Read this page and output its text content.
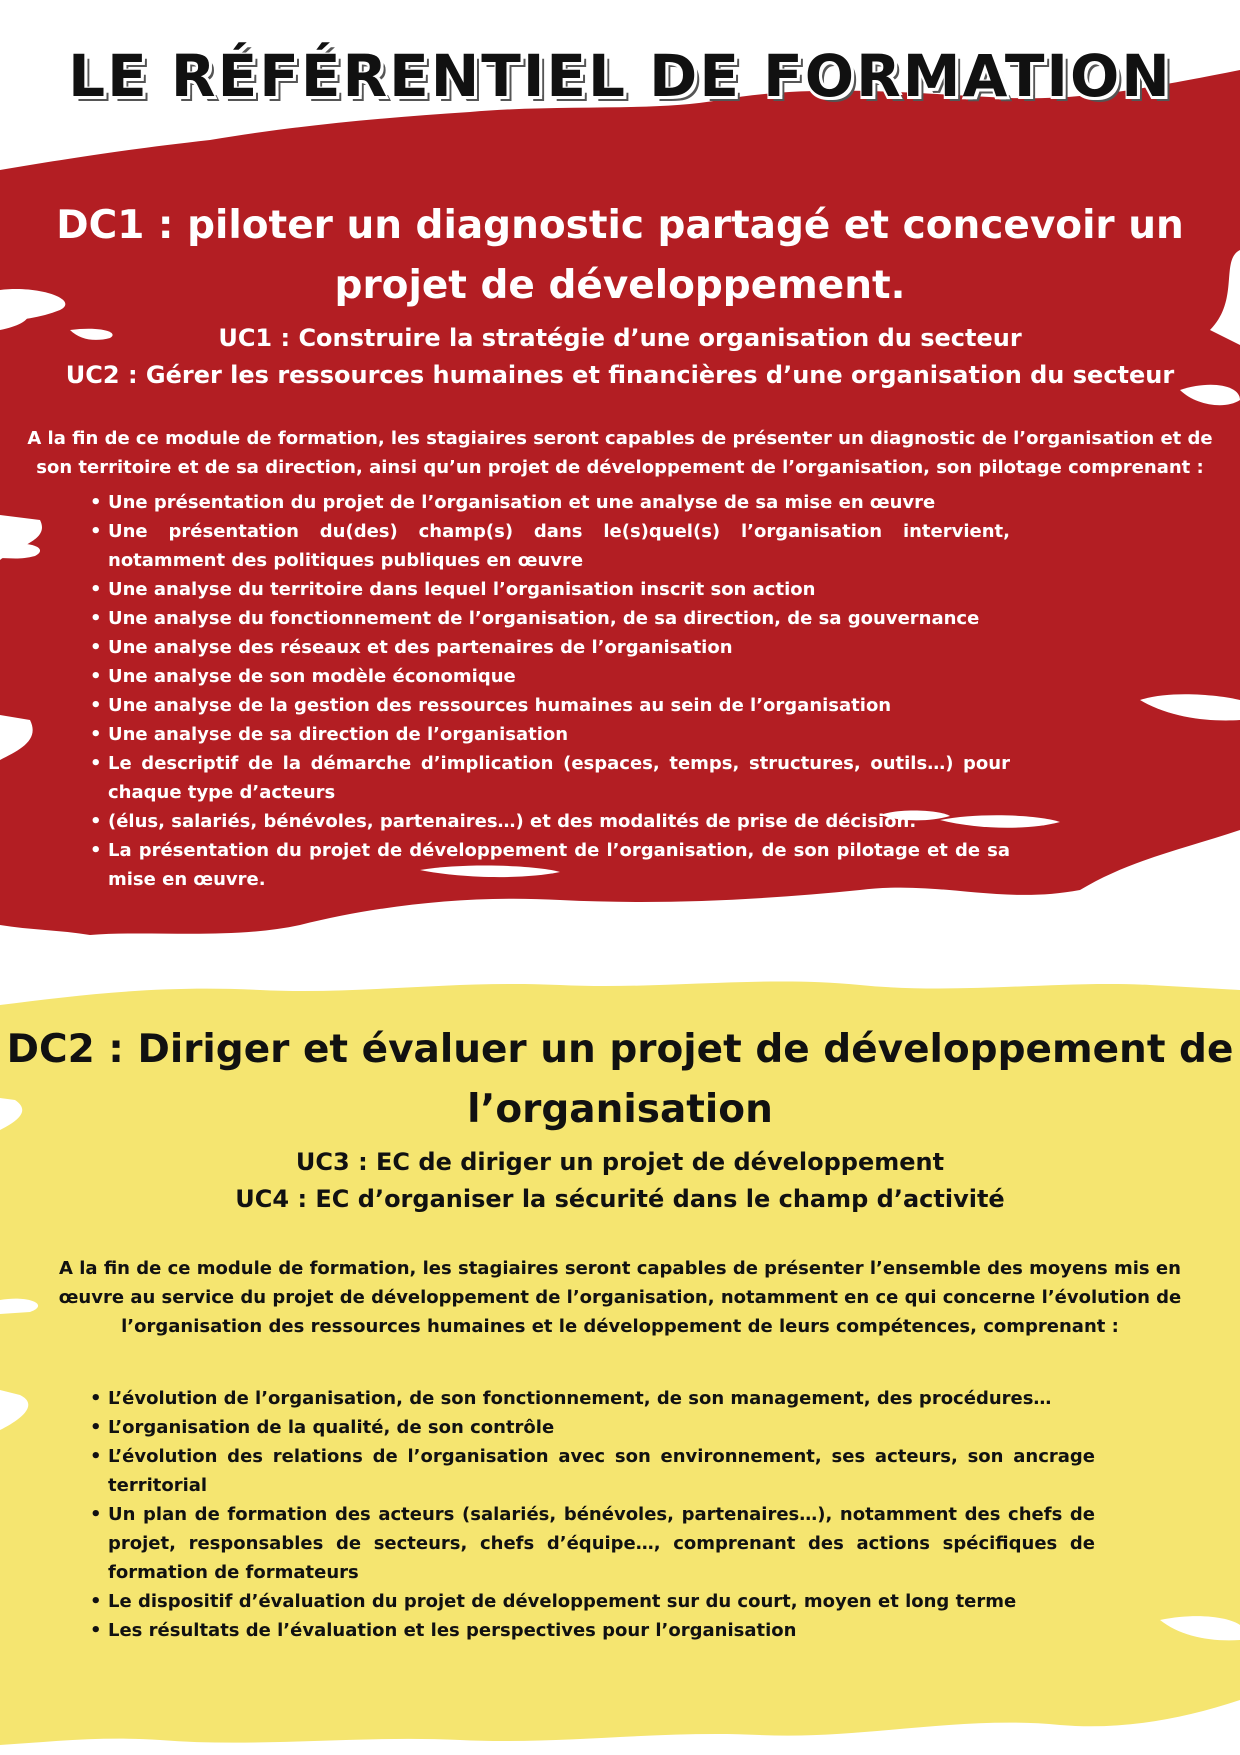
LE RÉFÉRENTIEL DE FORMATION
DC1 : piloter un diagnostic partagé et concevoir un projet de développement.

UC1 : Construire la stratégie d’une organisation du secteur

UC2 : Gérer les ressources humaines et financières d’une organisation du secteur

A la fin de ce module de formation, les stagiaires seront capables de présenter un diagnostic de l’organisation et de son territoire et de sa direction, ainsi qu’un projet de développement de l’organisation, son pilotage comprenant :

• Une présentation du projet de l’organisation et une analyse de sa mise en œuvre
• Une présentation du(des) champ(s) dans le(s)quel(s) l’organisation intervient, notamment des politiques publiques en œuvre
• Une analyse du territoire dans lequel l’organisation inscrit son action
• Une analyse du fonctionnement de l’organisation, de sa direction, de sa gouvernance
• Une analyse des réseaux et des partenaires de l’organisation
• Une analyse de son modèle économique
• Une analyse de la gestion des ressources humaines au sein de l’organisation
• Une analyse de sa direction de l’organisation
• Le descriptif de la démarche d’implication (espaces, temps, structures, outils…) pour chaque type d’acteurs
• (élus, salariés, bénévoles, partenaires…) et des modalités de prise de décision.
• La présentation du projet de développement de l’organisation, de son pilotage et de sa mise en œuvre.
DC2 : Diriger et évaluer un projet de développement de l’organisation

UC3 : EC de diriger un projet de développement

UC4 : EC d’organiser la sécurité dans le champ d’activité

A la fin de ce module de formation, les stagiaires seront capables de présenter l’ensemble des moyens mis en œuvre au service du projet de développement de l’organisation, notamment en ce qui concerne l’évolution de l’organisation des ressources humaines et le développement de leurs compétences, comprenant :

• L’évolution de l’organisation, de son fonctionnement, de son management, des procédures…
• L’organisation de la qualité, de son contrôle
• L’évolution des relations de l’organisation avec son environnement, ses acteurs, son ancrage territorial
• Un plan de formation des acteurs (salariés, bénévoles, partenaires…), notamment des chefs de projet, responsables de secteurs, chefs d’équipe…, comprenant des actions spécifiques de formation de formateurs
• Le dispositif d’évaluation du projet de développement sur du court, moyen et long terme
• Les résultats de l’évaluation et les perspectives pour l’organisation
